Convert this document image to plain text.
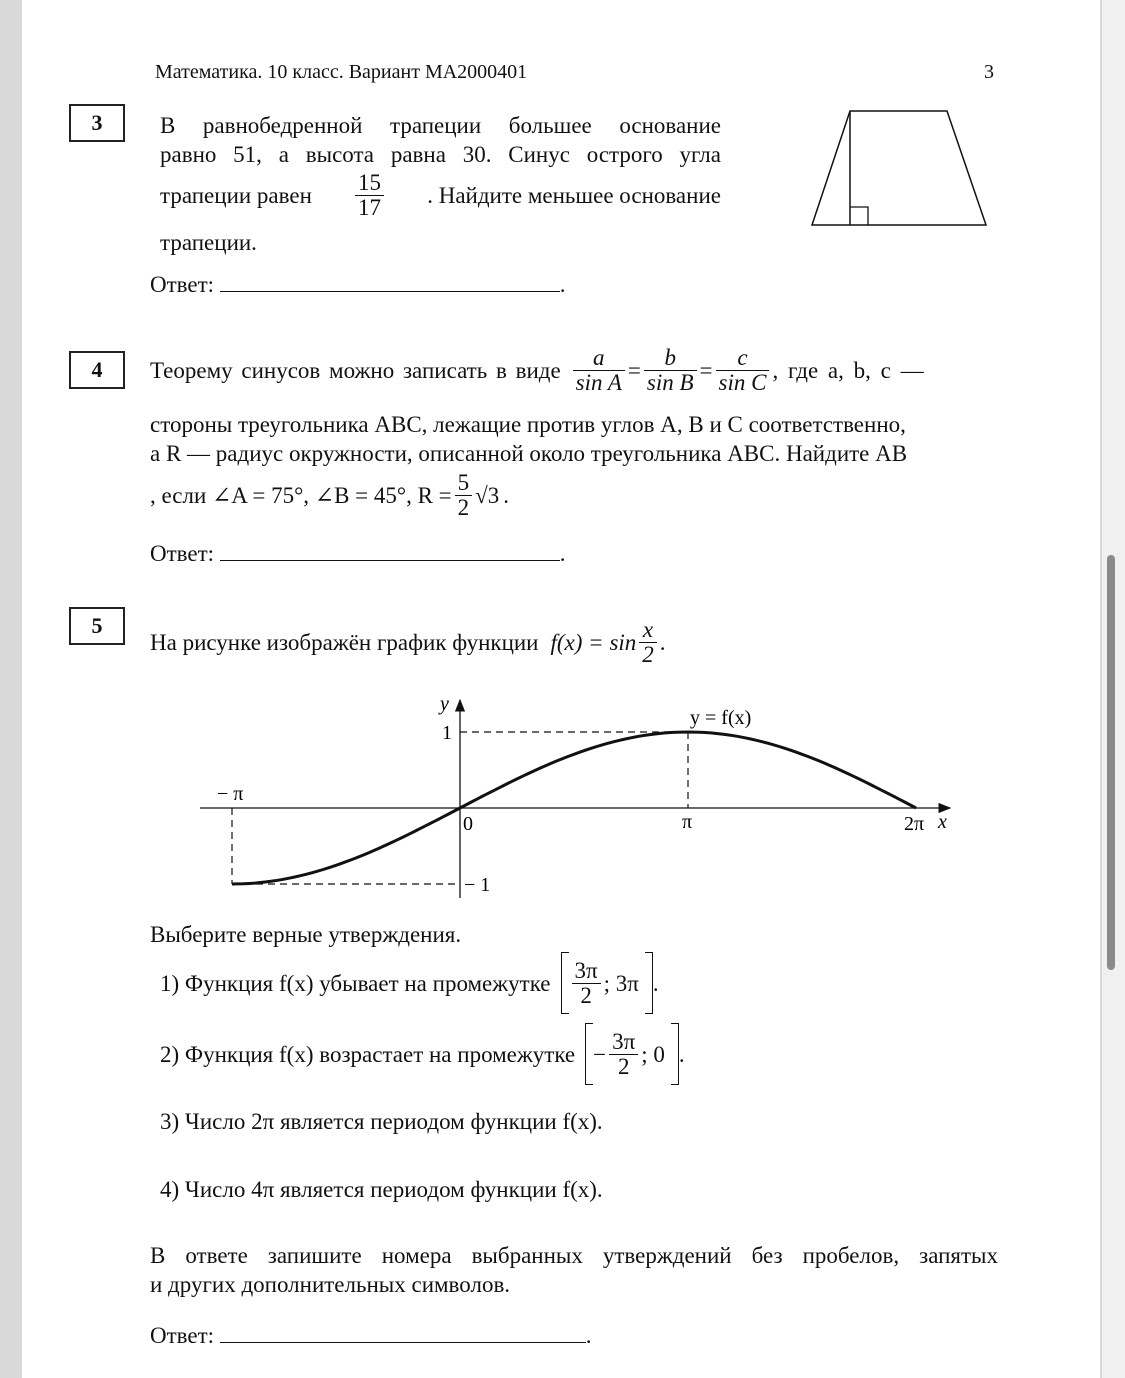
Математика. 10 класс. Вариант МА2000401	3
3	В равнобедренной трапеции большее основание
равно 51, а высота равна 30. Синус острого угла
трапеции равен $\frac{15}{17}$ . Найдите меньшее основание
трапеции.
Ответ:	.
4	Теорему синусов можно записать в виде $\frac{a}{\text{sin A}} = \frac{b}{\text{sin B}} = \frac{c}{\text{sin C}}$ , где a, b, c —
стороны треугольника ABC, лежащие против углов A, B и C соответственно,
а R — радиус окружности, описанной около треугольника ABC. Найдите AB
, если ∠A = 75°, ∠B = 45°, $R = \frac{5}{2} √3$ .
Ответ:	.
5
На рисунке изображён график функции $f(x) = \sin \frac{x}{2}$ .
x
y
y = f(x)
− π
0	π	2π
1
− 1
Выберите верные утверждения.
1) Функция f(x) убывает на промежутке $\frac{3\pi}{2}$ ; 3π .
2) Функция f(x) возрастает на промежутке − $\frac{3\pi}{2}$ ; 0 .
3) Число 2π является периодом функции f(x).
4) Число 4π является периодом функции f(x).
В ответе запишите номера выбранных утверждений без пробелов, запятых
и других дополнительных символов.
Ответ:	.
